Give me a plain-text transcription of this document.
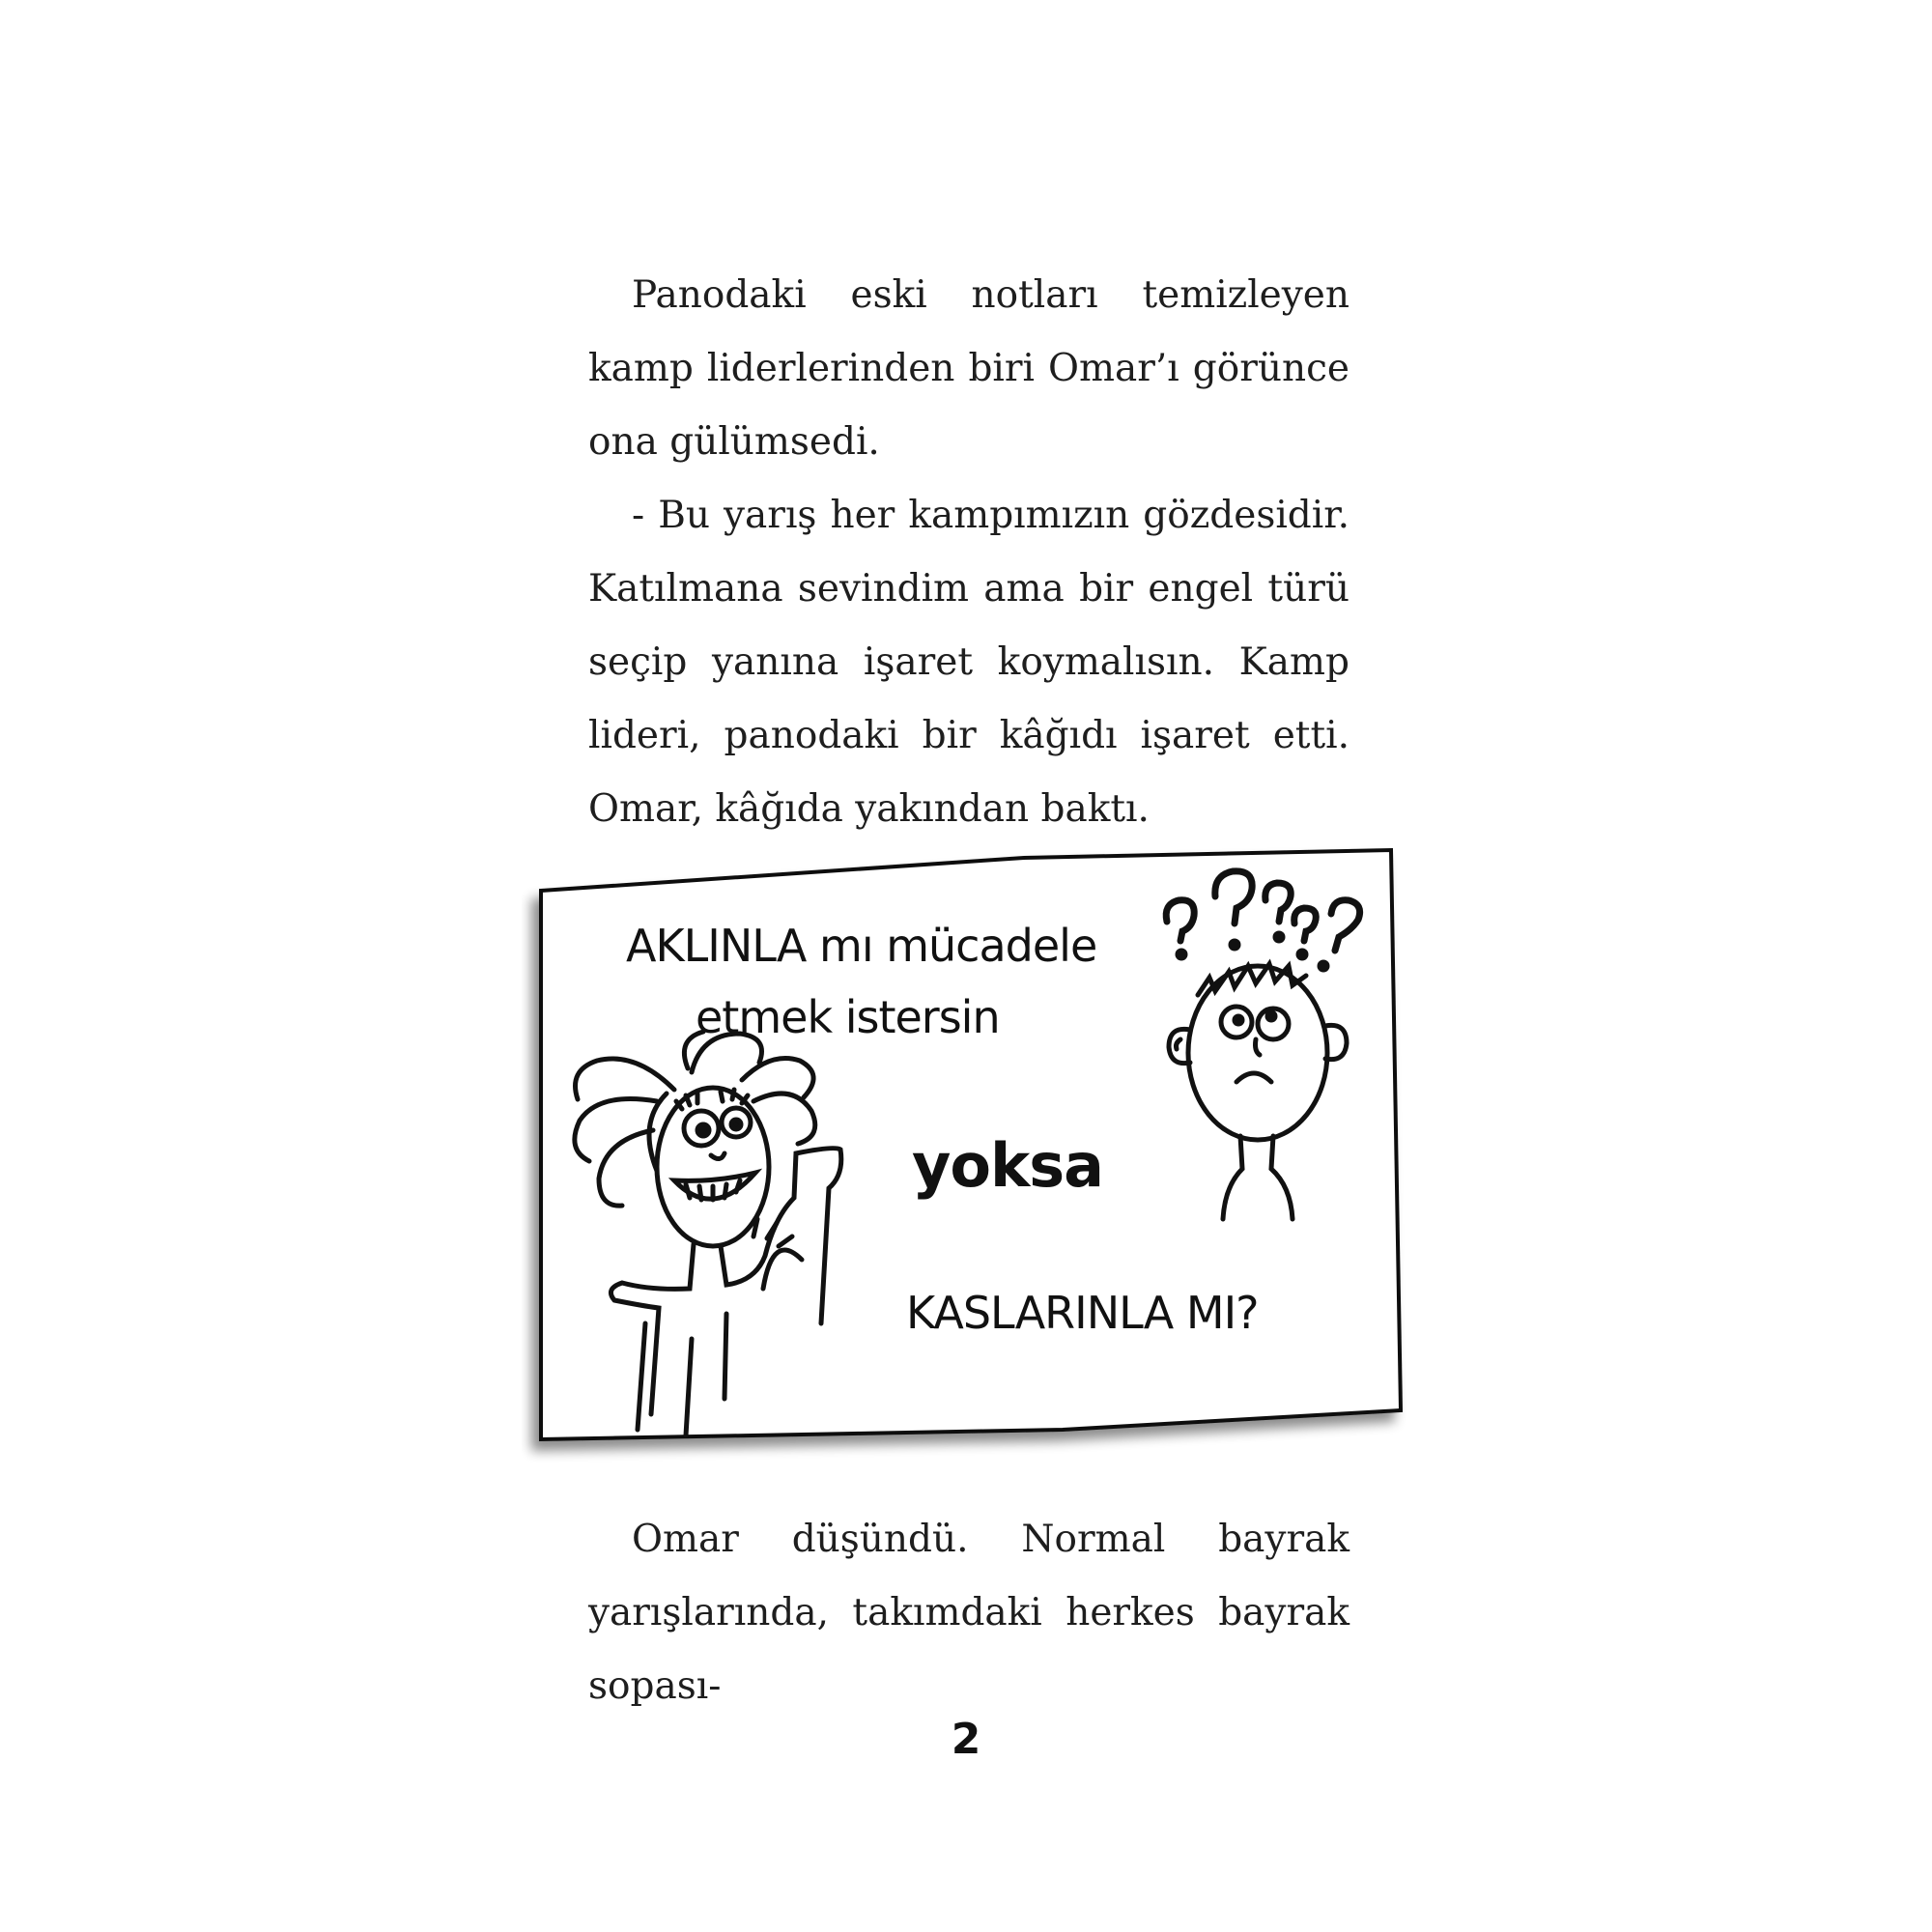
Panodaki eski notları temizleyen kamp liderlerinden biri Omar’ı görünce ona gülümsedi.

- Bu yarış her kampımızın gözdesidir. Katılmana sevindim ama bir engel türü seçip yanına işaret koymalısın. Kamp lideri, panodaki bir kâğıdı işaret etti. Omar, kâğıda yakından baktı.

AKLINLA mı mücadele
etmek istersin
yoksa
KASLARINLA MI?

Omar düşündü. Normal bayrak yarışlarında, takımdaki herkes bayrak sopası-

2
